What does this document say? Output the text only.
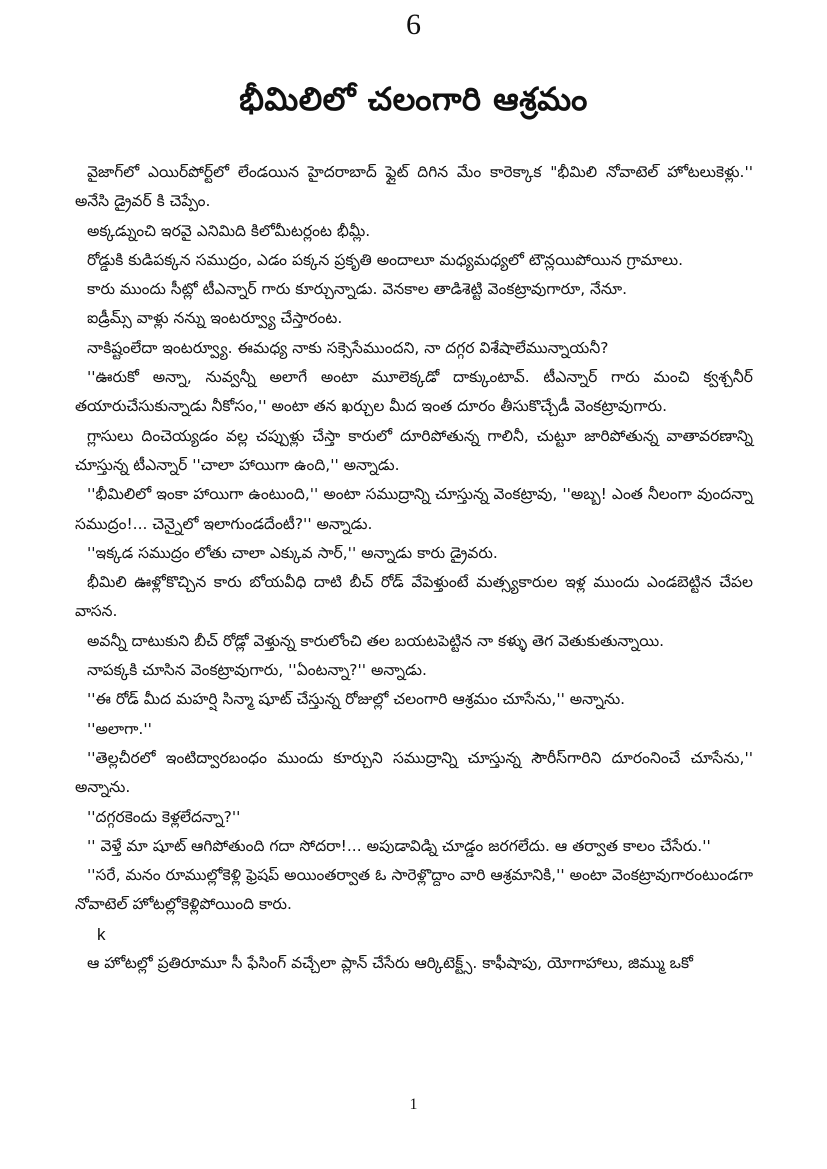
6
భీమిలిలో చలంగారి ఆశ్రమం

వైజాగ్‌లో ఎయిర్‌పోర్ట్‌లో లేండయిన హైదరాబాద్ ఫ్లైట్ దిగిన మేం కారెక్కాక "భీమిలి నోవాటెల్ హోటలుకెళ్లు.'' అనేసి డ్రైవర్ కి చెప్పేం.

అక్కడ్నుంచి ఇరవై ఎనిమిది కిలోమీటర్లంట భీమ్లీ.

రోడ్డుకి కుడిపక్కన సముద్రం, ఎడం పక్కన ప్రకృతి అందాలూ మధ్యమధ్యలో టౌన్లయిపోయిన గ్రామాలు.

కారు ముందు సీట్లో టీఎన్నార్ గారు కూర్చున్నాడు. వెనకాల తాడిశెట్టి వెంకట్రావుగారూ, నేనూ.

ఐడ్రీమ్స్ వాళ్లు నన్ను ఇంటర్వ్యూ చేస్తారంట.

నాకిష్టంలేదా ఇంటర్వ్యూ. ఈమధ్య నాకు సక్సెసేముందని, నా దగ్గర విశేషాలేమున్నాయనీ?

''ఊరుకో అన్నా, నువ్వన్నీ అలాగే అంటా మూలెక్కడో దాక్కుంటావ్. టీఎన్నార్ గారు మంచి క్వశ్చనీర్ తయారుచేసుకున్నాడు నీకోసం,'' అంటా తన ఖర్చుల మీద ఇంత దూరం తీసుకొచ్చేడీ వెంకట్రావుగారు.

గ్లాసులు దించెయ్యడం వల్ల చప్పుళ్లు చేస్తా కారులో దూరిపోతున్న గాలినీ, చుట్టూ జారిపోతున్న వాతావరణాన్ని చూస్తున్న టీఎన్నార్ ''చాలా హాయిగా ఉంది,'' అన్నాడు.

''భీమిలిలో ఇంకా హాయిగా ఉంటుంది,'' అంటా సముద్రాన్ని చూస్తున్న వెంకట్రావు, ''అబ్బ! ఎంత నీలంగా వుందన్నా సముద్రం!... చెన్నైలో ఇలాగుండదేంటీ?'' అన్నాడు.

''ఇక్కడ సముద్రం లోతు చాలా ఎక్కువ సార్,'' అన్నాడు కారు డ్రైవరు.

భీమిలి ఊళ్లోకొచ్చిన కారు బోయవీధి దాటి బీచ్ రోడ్ వేపెళ్తుంటే మత్స్యకారుల ఇళ్ల ముందు ఎండబెట్టిన చేపల వాసన.

అవన్నీ దాటుకుని బీచ్ రోడ్లో వెళ్తున్న కారులోంచి తల బయటపెట్టిన నా కళ్ళు తెగ వెతుకుతున్నాయి.

నాపక్కకి చూసిన వెంకట్రావుగారు, ''ఏంటన్నా?'' అన్నాడు.

''ఈ రోడ్ మీద మహర్షి సిన్మా షూట్ చేస్తున్న రోజుల్లో చలంగారి ఆశ్రమం చూసేను,'' అన్నాను.

''అలాగా.''

''తెల్లచీరలో ఇంటిద్వారబంధం ముందు కూర్చుని సముద్రాన్ని చూస్తున్న సౌరీస్‌గారిని దూరంనించే చూసేను,'' అన్నాను.

''దగ్గరకెందు కెళ్లలేదన్నా?''

'' వెళ్తే మా షూట్ ఆగిపోతుంది గదా సోదరా!... అపుడావిడ్ని చూడ్డం జరగలేదు. ఆ తర్వాత కాలం చేసేరు.''

''సరే, మనం రూముల్లోకెళ్లి ఫ్రెషప్ అయింతర్వాత ఓ సారెళ్లొద్దాం వారి ఆశ్రమానికి,'' అంటా వెంకట్రావుగారంటుండగా నోవాటెల్ హోటల్లోకెళ్లిపోయింది కారు.

k

ఆ హోటల్లో ప్రతిరూమూ సీ ఫేసింగ్ వచ్చేలా ప్లాన్ చేసేరు ఆర్కిటెక్ట్స్. కాఫీషాపు, యోగాహాలు, జిమ్ము ఒకో

1
